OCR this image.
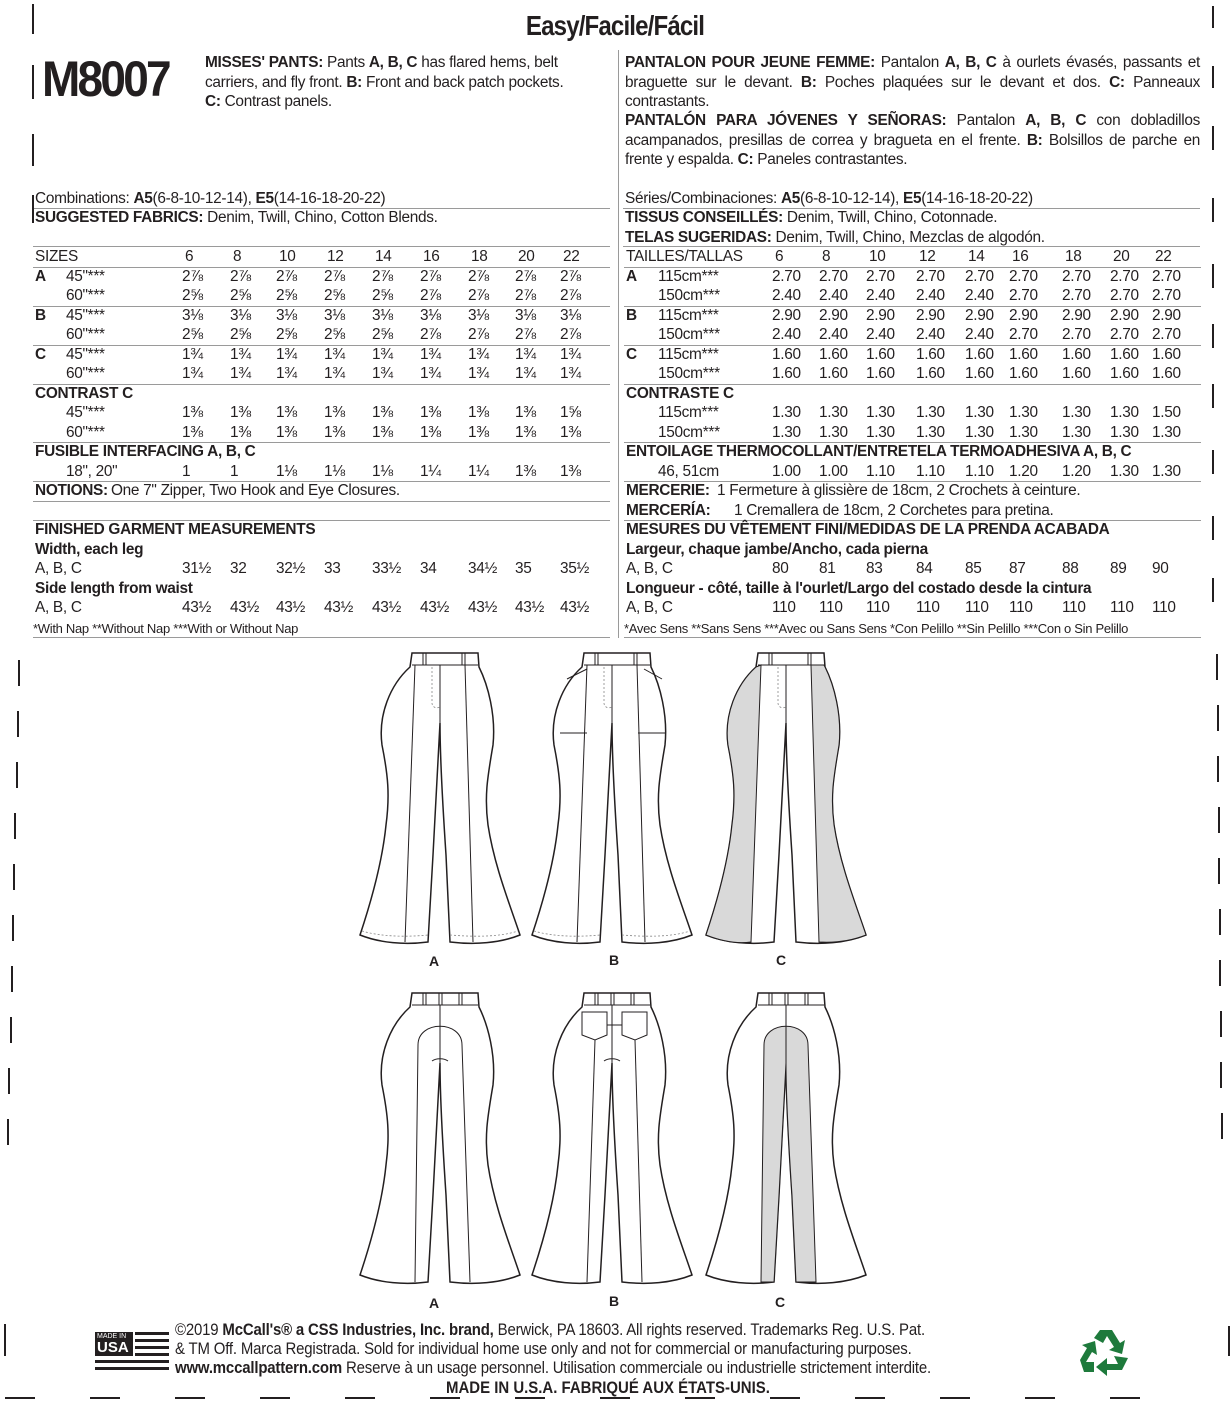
Easy/Facile/Fácil
M8007 MISSES' PANTS: Pants A, B, C has flared hems, belt carriers, and fly front. B: Front and back patch pockets.
C: Contrast panels.
PANTALON POUR JEUNE FEMME: Pantalon A, B, C à ourlets évasés, passants et braguette sur le devant. B: Poches plaquées sur le devant et dos. C: Panneaux contrastants.
PANTALÓN PARA JÓVENES Y SEÑORAS: Pantalon A, B, C con dobladillos acampanados, presillas de correa y bragueta en el frente. B: Bolsillos de parche en frente y espalda. C: Paneles contrastantes.
Combinations: A5(6-8-10-12-14), E5(14-16-18-20-22)
SUGGESTED FABRICS: Denim, Twill, Chino, Cotton Blends.
SIZES	6	8 10 12 14 16 18 20 22
A 45"***	2⅞ 2⅞ 2⅞ 2⅞ 2⅞ 2⅞ 2⅞ 2⅞ 2⅞
60"***	2⅝ 2⅝ 2⅝ 2⅝ 2⅝ 2⅞ 2⅞ 2⅞ 2⅞
B 45"***	3⅛ 3⅛ 3⅛ 3⅛ 3⅛ 3⅛ 3⅛ 3⅛ 3⅛
60"***	2⅝ 2⅝ 2⅝ 2⅝ 2⅝ 2⅞ 2⅞ 2⅞ 2⅞
C 45"***	1¾ 1¾ 1¾ 1¾ 1¾ 1¾ 1¾ 1¾ 1¾
60"***	1¾ 1¾ 1¾ 1¾ 1¾ 1¾ 1¾ 1¾ 1¾
CONTRAST C
45"***	1⅜ 1⅜ 1⅜ 1⅜ 1⅜ 1⅜ 1⅜ 1⅜ 1⅝
60"***	1⅜ 1⅜ 1⅜ 1⅜ 1⅜ 1⅜ 1⅜ 1⅜ 1⅜
FUSIBLE INTERFACING A, B, C
18", 20"	1	1 1⅛ 1⅛ 1⅛ 1¼ 1¼ 1⅜ 1⅜
NOTIONS: One 7" Zipper, Two Hook and Eye Closures.
FINISHED GARMENT MEASUREMENTS
Width, each leg
A, B, C	31½ 32 32½ 33 33½ 34 34½ 35 35½
Side length from waist
A, B, C	43½ 43½ 43½ 43½ 43½ 43½ 43½ 43½ 43½
*With Nap **Without Nap ***With or Without Nap
Séries/Combinaciones: A5(6-8-10-12-14), E5(14-16-18-20-22)
TISSUS CONSEILLÉS: Denim, Twill, Chino, Cotonnade.
TELAS SUGERIDAS: Denim, Twill, Chino, Mezclas de algodón.
TAILLES/TALLAS 6	8	10 12 14 16 18 20 22
A 115cm***	2.70 2.70 2.70 2.70 2.70 2.70 2.70 2.70 2.70
150cm***	2.40 2.40 2.40 2.40 2.40 2.70 2.70 2.70 2.70
B 115cm***	2.90 2.90 2.90 2.90 2.90 2.90 2.90 2.90 2.90
150cm***	2.40 2.40 2.40 2.40 2.40 2.70 2.70 2.70 2.70
C 115cm***	1.60 1.60 1.60 1.60 1.60 1.60 1.60 1.60 1.60
150cm***	1.60 1.60 1.60 1.60 1.60 1.60 1.60 1.60 1.60
CONTRASTE C
115cm***	1.30 1.30 1.30 1.30 1.30 1.30 1.30 1.30 1.50
150cm***	1.30 1.30 1.30 1.30 1.30 1.30 1.30 1.30 1.30
ENTOILAGE THERMOCOLLANT/ENTRETELA TERMOADHESIVA A, B, C
46, 51cm	1.00 1.00 1.10 1.10 1.10 1.20 1.20 1.30 1.30
MERCERIE: 1 Fermeture à glissière de 18cm, 2 Crochets à ceinture.
MERCERÍA: 1 Cremallera de 18cm, 2 Corchetes para pretina.
MESURES DU VÊTEMENT FINI/MEDIDAS DE LA PRENDA ACABADA
Largeur, chaque jambe/Ancho, cada pierna
A, B, C	80 81 83 84 85 87 88 89 90
Longueur - côté, taille à l'ourlet/Largo del costado desde la cintura
A, B, C	110 110 110 110 110 110 110 110 110
*Avec Sens **Sans Sens ***Avec ou Sans Sens *Con Pelillo **Sin Pelillo ***Con o Sin Pelillo
A	B	C
A	B	C
MADE IN
USA
©2019 McCall's® a CSS Industries, Inc. brand, Berwick, PA 18603. All rights reserved. Trademarks Reg. U.S. Pat.
& TM Off. Marca Registrada. Sold for individual home use only and not for commercial or manufacturing purposes.
www.mccallpattern.com Reserve à un usage personnel. Utilisation commerciale ou industrielle strictement interdite.
MADE IN U.S.A. FABRIQUÉ AUX ÉTATS-UNIS.
